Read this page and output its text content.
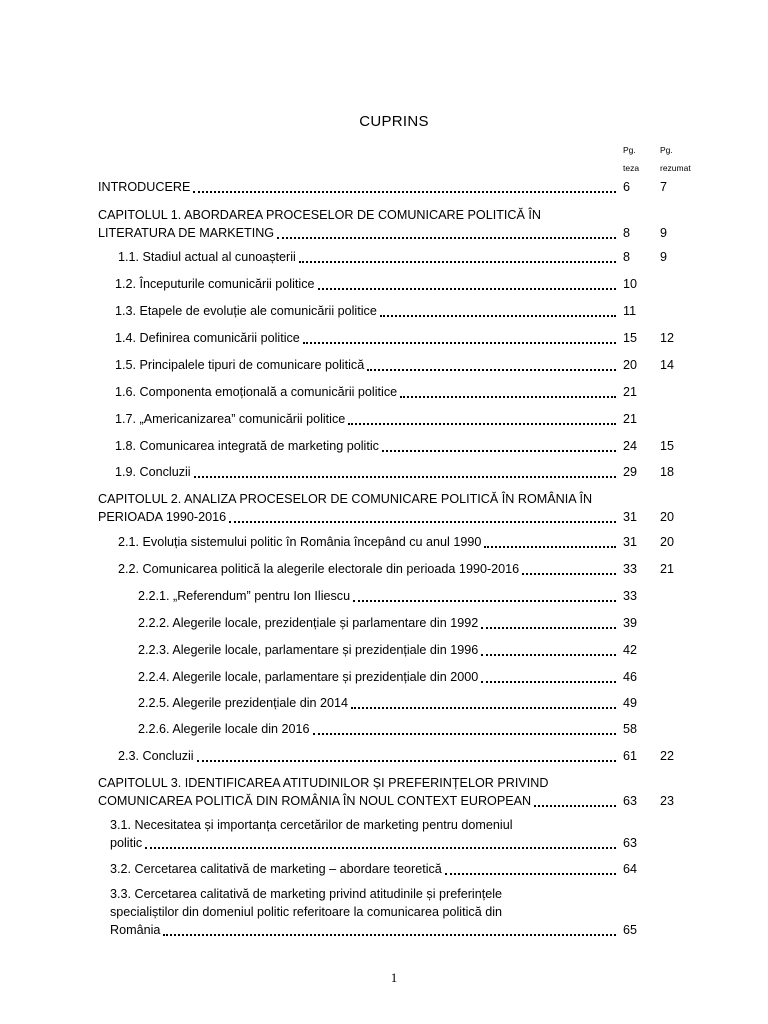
CUPRINS
Pg.
teza
Pg.
rezumat
INTRODUCERE	6 7
CAPITOLUL 1. ABORDAREA PROCESELOR DE COMUNICARE POLITICĂ ÎN
LITERATURA DE MARKETING	8 9
1.1. Stadiul actual al cunoașterii	8 9
1.2. Începuturile comunicării politice	10
1.3. Etapele de evoluție ale comunicării politice	11
1.4. Definirea comunicării politice	15 12
1.5. Principalele tipuri de comunicare politică	20 14
1.6. Componenta emoțională a comunicării politice	21
1.7. „Americanizarea” comunicării politice	21
1.8. Comunicarea integrată de marketing politic	24 15
1.9. Concluzii	29 18
CAPITOLUL 2. ANALIZA PROCESELOR DE COMUNICARE POLITICĂ ÎN ROMÂNIA ÎN
PERIOADA 1990-2016	31 20
2.1. Evoluția sistemului politic în România începând cu anul 1990	31 20
2.2. Comunicarea politică la alegerile electorale din perioada 1990-2016	33 21
2.2.1. „Referendum” pentru Ion Iliescu	33
2.2.2. Alegerile locale, prezidențiale și parlamentare din 1992	39
2.2.3. Alegerile locale, parlamentare și prezidențiale din 1996	42
2.2.4. Alegerile locale, parlamentare și prezidențiale din 2000	46
2.2.5. Alegerile prezidențiale din 2014	49
2.2.6. Alegerile locale din 2016	58
2.3. Concluzii	61 22
CAPITOLUL 3. IDENTIFICAREA ATITUDINILOR ȘI PREFERINȚELOR PRIVIND
COMUNICAREA POLITICĂ DIN ROMÂNIA ÎN NOUL CONTEXT EUROPEAN	63 23
3.1. Necesitatea și importanța cercetărilor de marketing pentru domeniul
politic	63
3.2. Cercetarea calitativă de marketing – abordare teoretică	64
3.3. Cercetarea calitativă de marketing privind atitudinile și preferințele
specialiștilor din domeniul politic referitoare la comunicarea politică din
România	65
1
